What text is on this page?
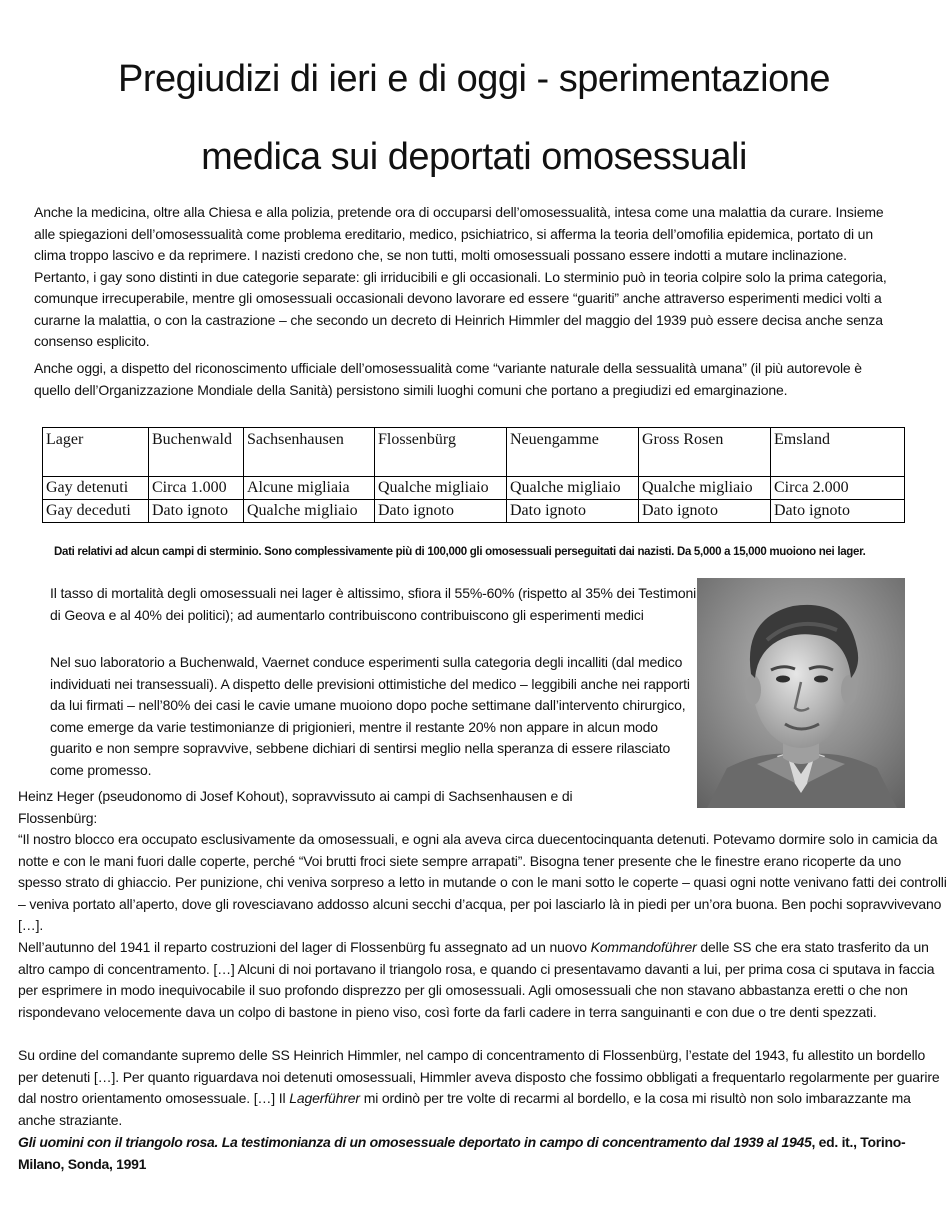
Pregiudizi di ieri e di oggi - sperimentazione
medica sui deportati omosessuali

Anche la medicina, oltre alla Chiesa e alla polizia, pretende ora di occuparsi dell’omosessualità, intesa come una malattia da curare. Insieme alle spiegazioni dell’omosessualità come problema ereditario, medico, psichiatrico, si afferma la teoria dell’omofilia epidemica, portato di un clima troppo lascivo e da reprimere. I nazisti credono che, se non tutti, molti omosessuali possano essere indotti a mutare inclinazione. Pertanto, i gay sono distinti in due categorie separate: gli irriducibili e gli occasionali. Lo sterminio può in teoria colpire solo la prima categoria, comunque irrecuperabile, mentre gli omosessuali occasionali devono lavorare ed essere “guariti” anche attraverso esperimenti medici volti a curarne la malattia, o con la castrazione – che secondo un decreto di Heinrich Himmler del maggio del 1939 può essere decisa anche senza consenso esplicito.

Anche oggi, a dispetto del riconoscimento ufficiale dell’omosessualità come “variante naturale della sessualità umana” (il più autorevole è quello dell’Organizzazione Mondiale della Sanità) persistono simili luoghi comuni che portano a pregiudizi ed emarginazione.

Lager	Buchenwald	Sachsenhausen	Flossenbürg	Neuengamme	Gross Rosen	Emsland
Gay detenuti	Circa 1.000	Alcune migliaia	Qualche migliaio	Qualche migliaio	Qualche migliaio	Circa 2.000
Gay deceduti	Dato ignoto	Qualche migliaio	Dato ignoto	Dato ignoto	Dato ignoto	Dato ignoto
Dati relativi ad alcun campi di sterminio. Sono complessivamente più di 100,000 gli omosessuali perseguitati dai nazisti. Da 5,000 a 15,000 muoiono nei lager.

Il tasso di mortalità degli omosessuali nei lager è altissimo, sfiora il 55%-60% (rispetto al 35% dei Testimoni di Geova e al 40% dei politici); ad aumentarlo contribuiscono contribuiscono gli esperimenti medici

Nel suo laboratorio a Buchenwald, Vaernet conduce esperimenti sulla categoria degli incalliti (dal medico individuati nei transessuali). A dispetto delle previsioni ottimistiche del medico – leggibili anche nei rapporti da lui firmati – nell’80% dei casi le cavie umane muoiono dopo poche settimane dall’intervento chirurgico, come emerge da varie testimonianze di prigionieri, mentre il restante 20% non appare in alcun modo guarito e non sempre sopravvive, sebbene dichiari di sentirsi meglio nella speranza di essere rilasciato come promesso.

Heinz Heger (pseudonomo di Josef Kohout), sopravvissuto ai campi di Sachsenhausen e di Flossenbürg:

“Il nostro blocco era occupato esclusivamente da omosessuali, e ogni ala aveva circa duecentocinquanta detenuti. Potevamo dormire solo in camicia da notte e con le mani fuori dalle coperte, perché “Voi brutti froci siete sempre arrapati”. Bisogna tener presente che le finestre erano ricoperte da uno spesso strato di ghiaccio. Per punizione, chi veniva sorpreso a letto in mutande o con le mani sotto le coperte – quasi ogni notte venivano fatti dei controlli – veniva portato all’aperto, dove gli rovesciavano addosso alcuni secchi d’acqua, per poi lasciarlo là in piedi per un’ora buona. Ben pochi sopravvivevano […].

Nell’autunno del 1941 il reparto costruzioni del lager di Flossenbürg fu assegnato ad un nuovo Kommandoführer delle SS che era stato trasferito da un altro campo di concentramento. […] Alcuni di noi portavano il triangolo rosa, e quando ci presentavamo davanti a lui, per prima cosa ci sputava in faccia per esprimere in modo inequivocabile il suo profondo disprezzo per gli omosessuali. Agli omosessuali che non stavano abbastanza eretti o che non rispondevano velocemente dava un colpo di bastone in pieno viso, così forte da farli cadere in terra sanguinanti e con due o tre denti spezzati.

Su ordine del comandante supremo delle SS Heinrich Himmler, nel campo di concentramento di Flossenbürg, l’estate del 1943, fu allestito un bordello per detenuti […]. Per quanto riguardava noi detenuti omosessuali, Himmler aveva disposto che fossimo obbligati a frequentarlo regolarmente per guarire dal nostro orientamento omosessuale. […] Il Lagerführer mi ordinò per tre volte di recarmi al bordello, e la cosa mi risultò non solo imbarazzante ma anche straziante.

Gli uomini con il triangolo rosa. La testimonianza di un omosessuale deportato in campo di concentramento dal 1939 al 1945, ed. it., Torino-Milano, Sonda, 1991
